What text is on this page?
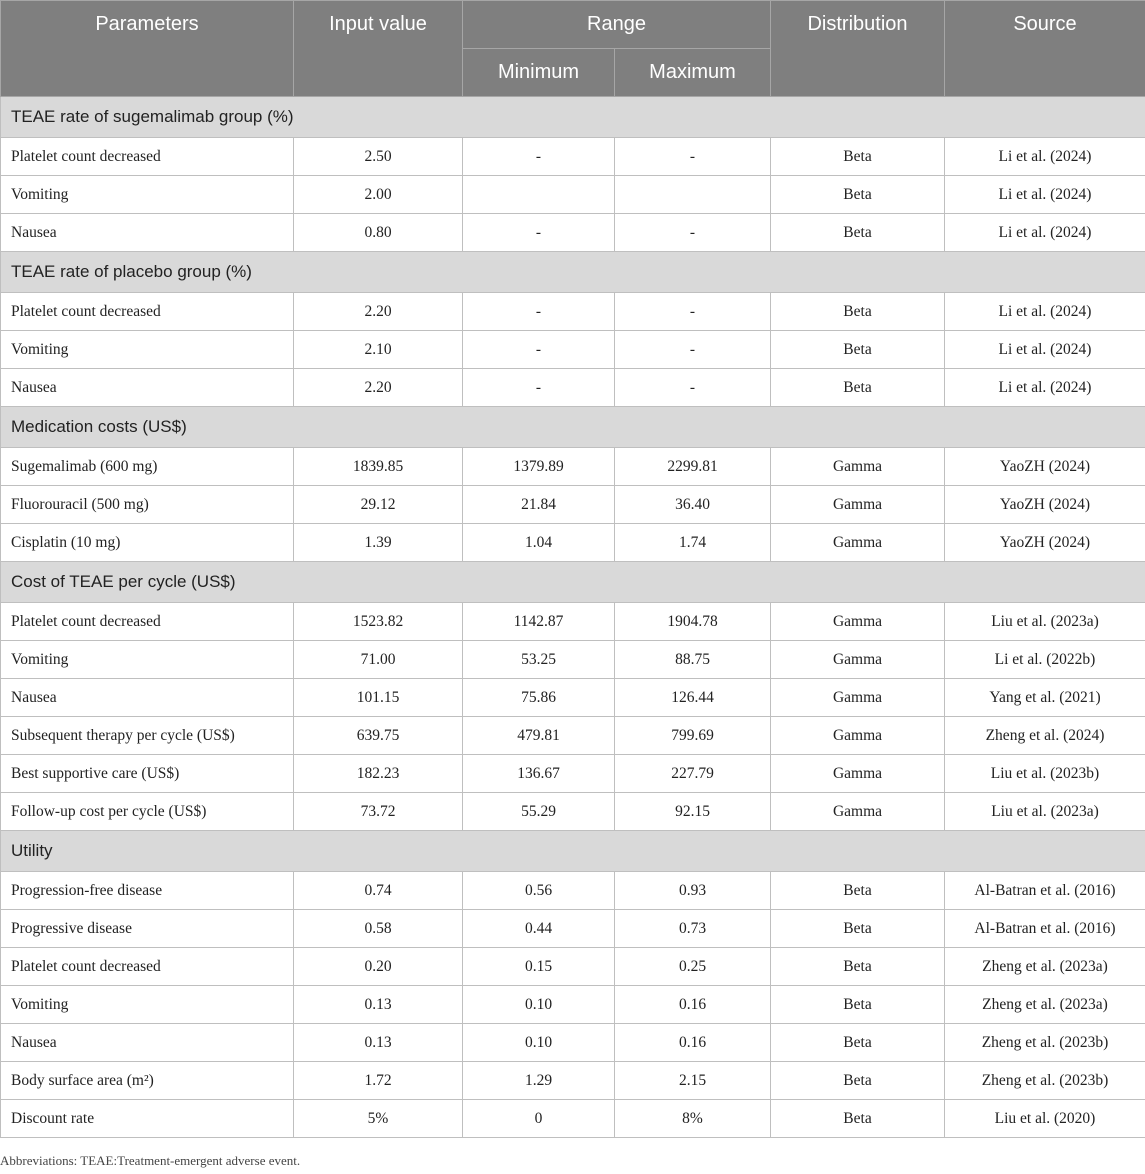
Parameters	Input value	Range		Distribution	Source
		Minimum	Maximum		
TEAE rate of sugemalimab group (%)					
Platelet count decreased	2.50	-	-	Beta	Li et al. (2024)
Vomiting	2.00			Beta	Li et al. (2024)
Nausea	0.80	-	-	Beta	Li et al. (2024)
TEAE rate of placebo group (%)					
Platelet count decreased	2.20	-	-	Beta	Li et al. (2024)
Vomiting	2.10	-	-	Beta	Li et al. (2024)
Nausea	2.20	-	-	Beta	Li et al. (2024)
Medication costs (US$)					
Sugemalimab (600 mg)	1839.85	1379.89	2299.81	Gamma	YaoZH (2024)
Fluorouracil (500 mg)	29.12	21.84	36.40	Gamma	YaoZH (2024)
Cisplatin (10 mg)	1.39	1.04	1.74	Gamma	YaoZH (2024)
Cost of TEAE per cycle (US$)					
Platelet count decreased	1523.82	1142.87	1904.78	Gamma	Liu et al. (2023a)
Vomiting	71.00	53.25	88.75	Gamma	Li et al. (2022b)
Nausea	101.15	75.86	126.44	Gamma	Yang et al. (2021)
Subsequent therapy per cycle (US$)	639.75	479.81	799.69	Gamma	Zheng et al. (2024)
Best supportive care (US$)	182.23	136.67	227.79	Gamma	Liu et al. (2023b)
Follow-up cost per cycle (US$)	73.72	55.29	92.15	Gamma	Liu et al. (2023a)
Utility					
Progression-free disease	0.74	0.56	0.93	Beta	Al-Batran et al. (2016)
Progressive disease	0.58	0.44	0.73	Beta	Al-Batran et al. (2016)
Platelet count decreased	0.20	0.15	0.25	Beta	Zheng et al. (2023a)
Vomiting	0.13	0.10	0.16	Beta	Zheng et al. (2023a)
Nausea	0.13	0.10	0.16	Beta	Zheng et al. (2023b)
Body surface area (m²)	1.72	1.29	2.15	Beta	Zheng et al. (2023b)
Discount rate	5%	0	8%	Beta	Liu et al. (2020)
Abbreviations: TEAE:Treatment-emergent adverse event.
